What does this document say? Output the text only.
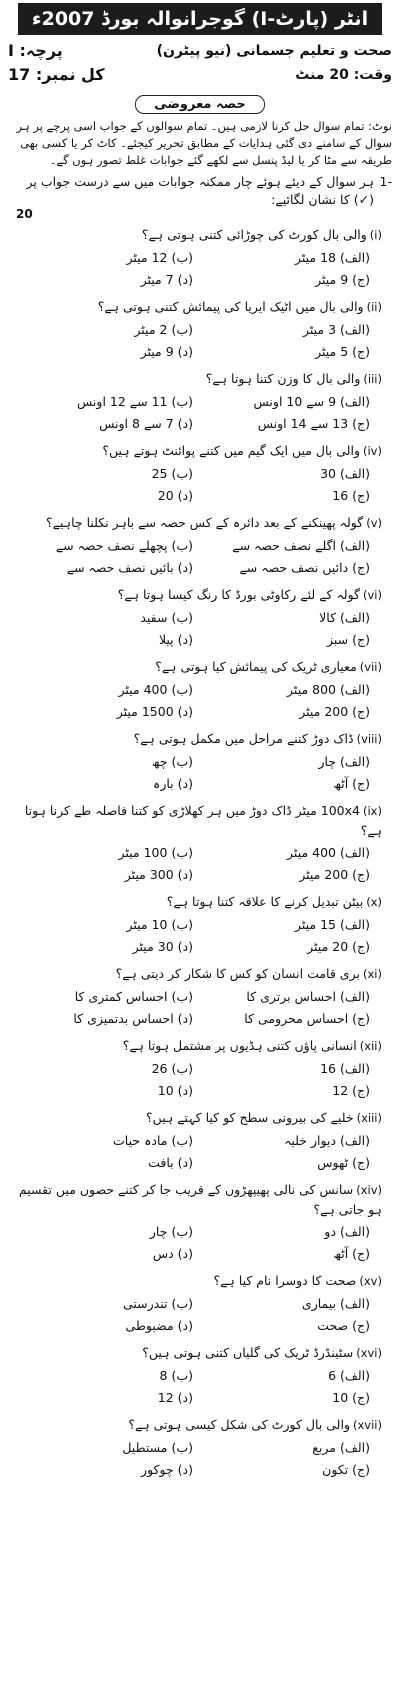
انٹر (پارٹ-I) گوجرانوالہ بورڈ 2007ء
صحت و تعلیم جسمانی (نیو پیٹرن)
پرچہ: I
وقت: 20 منٹ
کل نمبر: 17
حصہ معروضی
نوٹ: تمام سوال حل کرنا لازمی ہیں۔ تمام سوالوں کے جواب اسی پرچے پر ہر سوال کے سامنے دی گئی ہدایات کے مطابق تحریر کیجئے۔ کاٹ کر یا کسی بھی طریقہ سے مٹا کر یا لیڈ پنسل سے لکھے گئے جوابات غلط تصور ہوں گے۔
-1
ہر سوال کے دیئے ہوئے چار ممکنہ جوابات میں سے درست جواب پر (✓) کا نشان لگائیے:
20
(i)والی بال کورٹ کی چوڑائی کتنی ہوتی ہے؟
(الف)18 میٹر
(ب)12 میٹر
(ج)9 میٹر
(د)7 میٹر
(ii)والی بال میں اٹیک ایریا کی پیمائش کتنی ہوتی ہے؟
(الف)3 میٹر
(ب)2 میٹر
(ج)5 میٹر
(د)9 میٹر
(iii)والی بال کا وزن کتنا ہوتا ہے؟
(الف)9 سے 10 اونس
(ب)11 سے 12 اونس
(ج)13 سے 14 اونس
(د)7 سے 8 اونس
(iv)والی بال میں ایک گیم میں کتنے پوائنٹ ہوتے ہیں؟
(الف)30
(ب)25
(ج)16
(د)20
(v)گولہ پھینکنے کے بعد دائرہ کے کس حصہ سے باہر نکلنا چاہیے؟
(الف)اگلے نصف حصہ سے
(ب)پچھلے نصف حصہ سے
(ج)دائیں نصف حصہ سے
(د)بائیں نصف حصہ سے
(vi)گولہ کے لئے رکاوٹی بورڈ کا رنگ کیسا ہوتا ہے؟
(الف)کالا
(ب)سفید
(ج)سبز
(د)پیلا
(vii)معیاری ٹریک کی پیمائش کیا ہوتی ہے؟
(الف)800 میٹر
(ب)400 میٹر
(ج)200 میٹر
(د)1500 میٹر
(viii)ڈاک دوڑ کتنے مراحل میں مکمل ہوتی ہے؟
(الف)چار
(ب)چھ
(ج)آٹھ
(د)بارہ
(ix)100x4 میٹر ڈاک دوڑ میں ہر کھلاڑی کو کتنا فاصلہ طے کرنا ہوتا ہے؟
(الف)400 میٹر
(ب)100 میٹر
(ج)200 میٹر
(د)300 میٹر
(x)بیٹن تبدیل کرنے کا علاقہ کتنا ہوتا ہے؟
(الف)15 میٹر
(ب)10 میٹر
(ج)20 میٹر
(د)30 میٹر
(xi)بری قامت انسان کو کس کا شکار کر دیتی ہے؟
(الف)احساس برتری کا
(ب)احساس کمتری کا
(ج)احساس محرومی کا
(د)احساس بدتمیزی کا
(xii)انسانی پاؤں کتنی ہڈیوں پر مشتمل ہوتا ہے؟
(الف)16
(ب)26
(ج)12
(د)10
(xiii)خلیے کی بیرونی سطح کو کیا کہتے ہیں؟
(الف)دیوار خلیہ
(ب)مادہ حیات
(ج)ٹھوس
(د)بافت
(xiv)سانس کی نالی پھیپھڑوں کے قریب جا کر کتنے حصوں میں تقسیم ہو جاتی ہے؟
(الف)دو
(ب)چار
(ج)آٹھ
(د)دس
(xv)صحت کا دوسرا نام کیا ہے؟
(الف)بیماری
(ب)تندرستی
(ج)صحت
(د)مضبوطی
(xvi)سٹینڈرڈ ٹریک کی گلیاں کتنی ہوتی ہیں؟
(الف)6
(ب)8
(ج)10
(د)12
(xvii)والی بال کورٹ کی شکل کیسی ہوتی ہے؟
(الف)مربع
(ب)مستطیل
(ج)تکون
(د)چوکور
